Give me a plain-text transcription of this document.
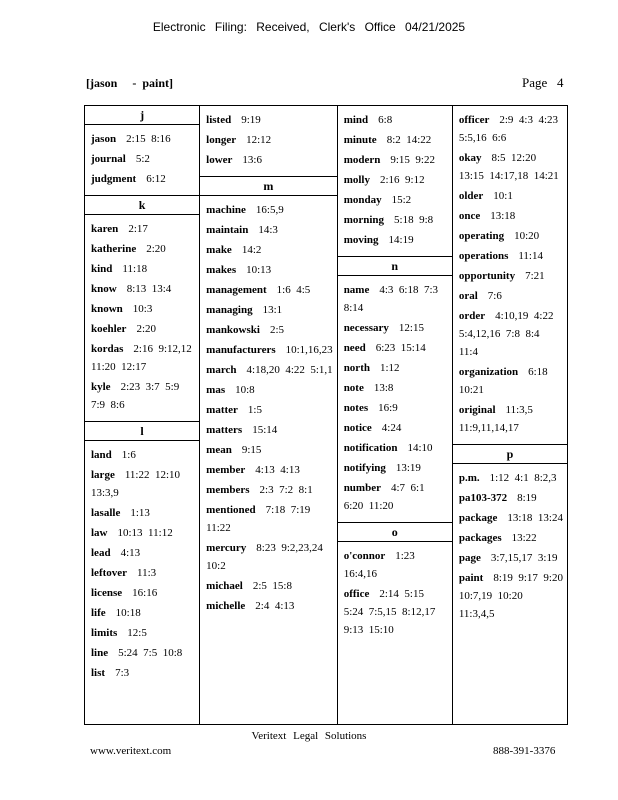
Electronic Filing: Received, Clerk's Office 04/21/2025
[jason     -  paint]	Page   4
j
jason 2:15  8:16
journal 5:2
judgment 6:12
k
karen 2:17
katherine 2:20
kind 11:18
know 8:13  13:4
known 10:3
koehler 2:20
kordas 2:16  9:12,12  11:20  12:17
kyle 2:23  3:7  5:9  7:9  8:6
l
land 1:6
large 11:22  12:10  13:3,9
lasalle 1:13
law 10:13  11:12
lead 4:13
leftover 11:3
license 16:16
life 10:18
limits 12:5
line 5:24  7:5  10:8
list 7:3
listed 9:19
longer 12:12
lower 13:6
m
machine 16:5,9
maintain 14:3
make 14:2
makes 10:13
management 1:6  4:5
managing 13:1
mankowski 2:5
manufacturers 10:1,16,23
march 4:18,20  4:22  5:1,1
mas 10:8
matter 1:5
matters 15:14
mean 9:15
member 4:13  4:13
members 2:3  7:2  8:1
mentioned 7:18  7:19  11:22
mercury 8:23  9:2,23,24  10:2
michael 2:5  15:8
michelle 2:4  4:13
mind 6:8
minute 8:2  14:22
modern 9:15  9:22
molly 2:16  9:12
monday 15:2
morning 5:18  9:8
moving 14:19
n
name 4:3  6:18  7:3  8:14
necessary 12:15
need 6:23  15:14
north 1:12
note 13:8
notes 16:9
notice 4:24
notification 14:10
notifying 13:19
number 4:7  6:1  6:20  11:20
o
o'connor 1:23  16:4,16
office 2:14  5:15  5:24  7:5,15  8:12,17  9:13  15:10
officer 2:9  4:3  4:23  5:5,16  6:6
okay 8:5  12:20  13:15  14:17,18  14:21
older 10:1
once 13:18
operating 10:20
operations 11:14
opportunity 7:21
oral 7:6
order 4:10,19  4:22  5:4,12,16  7:8  8:4  11:4
organization 6:18  10:21
original 11:3,5  11:9,11,14,17
p
p.m. 1:12  4:1  8:2,3
pa103-372 8:19
package 13:18  13:24
packages 13:22
page 3:7,15,17  3:19
paint 8:19  9:17  9:20  10:7,19  10:20  11:3,4,5
Veritext Legal Solutions
www.veritext.com	888-391-3376
